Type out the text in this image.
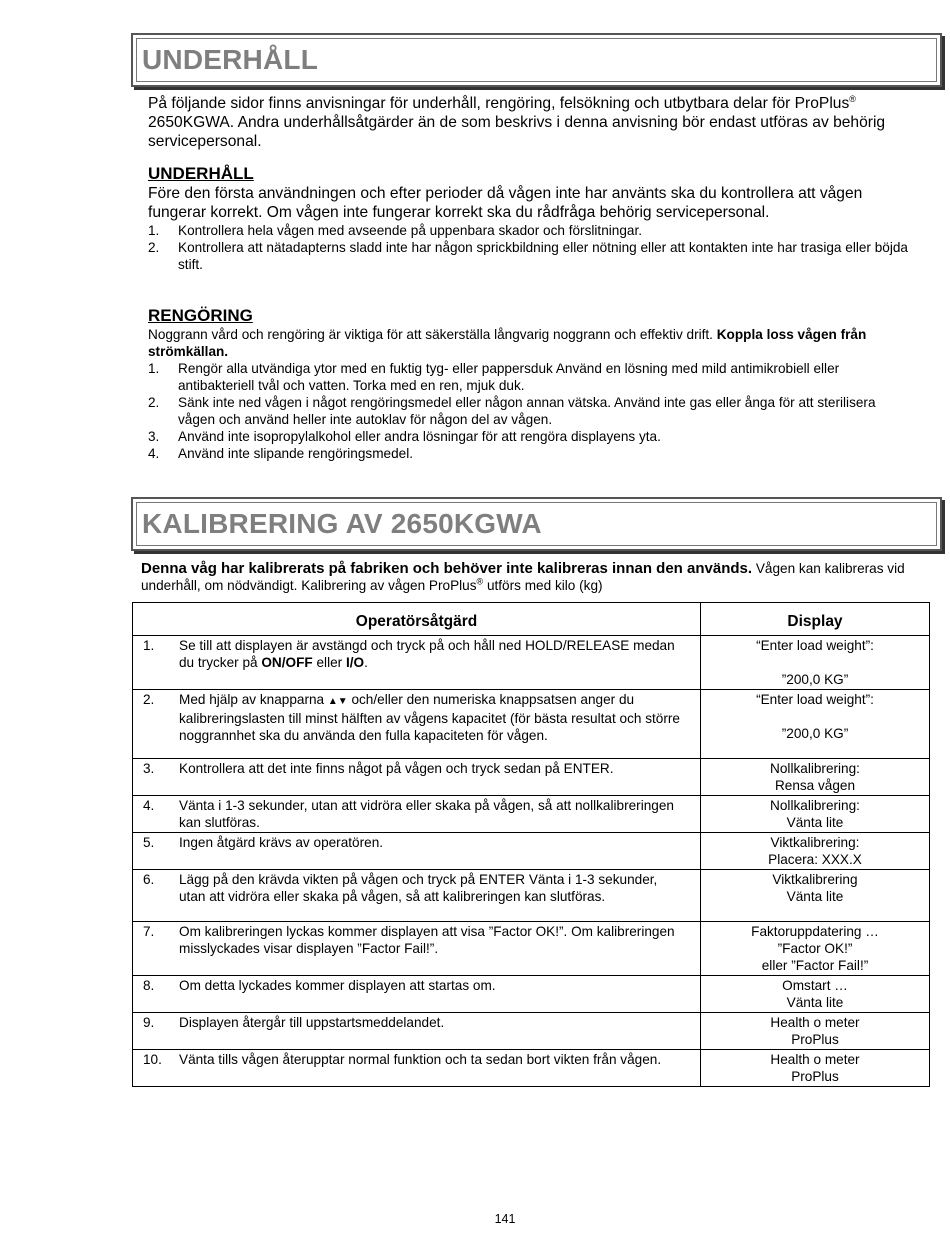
UNDERHÅLL
På följande sidor finns anvisningar för underhåll, rengöring, felsökning och utbytbara delar för ProPlus® 2650KGWA. Andra underhållsåtgärder än de som beskrivs i denna anvisning bör endast utföras av behörig servicepersonal.
UNDERHÅLL
Före den första användningen och efter perioder då vågen inte har använts ska du kontrollera att vågen fungerar korrekt. Om vågen inte fungerar korrekt ska du rådfråga behörig servicepersonal.
1. Kontrollera hela vågen med avseende på uppenbara skador och förslitningar.
2. Kontrollera att nätadapterns sladd inte har någon sprickbildning eller nötning eller att kontakten inte har trasiga eller böjda stift.
RENGÖRING
Noggrann vård och rengöring är viktiga för att säkerställa långvarig noggrann och effektiv drift. Koppla loss vågen från strömkällan.
1. Rengör alla utvändiga ytor med en fuktig tyg- eller pappersduk Använd en lösning med mild antimikrobiell eller antibakteriell tvål och vatten. Torka med en ren, mjuk duk.
2. Sänk inte ned vågen i något rengöringsmedel eller någon annan vätska. Använd inte gas eller ånga för att sterilisera vågen och använd heller inte autoklav för någon del av vågen.
3. Använd inte isopropylalkohol eller andra lösningar för att rengöra displayens yta.
4. Använd inte slipande rengöringsmedel.
KALIBRERING AV 2650KGWA
Denna våg har kalibrerats på fabriken och behöver inte kalibreras innan den används. Vågen kan kalibreras vid underhåll, om nödvändigt. Kalibrering av vågen ProPlus® utförs med kilo (kg)
Operatörsåtgärd	Display
1. Se till att displayen är avstängd och tryck på och håll ned HOLD/RELEASE medan du trycker på ON/OFF eller I/O.	“Enter load weight”:
”200,0 KG”

2. Med hjälp av knapparna ▲▼ och/eller den numeriska knappsatsen anger du kalibreringslasten till minst hälften av vågens kapacitet (för bästa resultat och större noggrannhet ska du använda den fulla kapaciteten för vågen.	“Enter load weight”:
”200,0 KG”

3. Kontrollera att det inte finns något på vågen och tryck sedan på ENTER.	Nollkalibrering:
Rensa vågen

4. Vänta i 1-3 sekunder, utan att vidröra eller skaka på vågen, så att nollkalibreringen kan slutföras.	Nollkalibrering:
Vänta lite

5. Ingen åtgärd krävs av operatören.	Viktkalibrering:
Placera: XXX.X

6. Lägg på den krävda vikten på vågen och tryck på ENTER Vänta i 1-3 sekunder, utan att vidröra eller skaka på vågen, så att kalibreringen kan slutföras.	Viktkalibrering
Vänta lite

7. Om kalibreringen lyckas kommer displayen att visa ”Factor OK!”. Om kalibreringen misslyckades visar displayen ”Factor Fail!”.	Faktoruppdatering …
”Factor OK!”
eller ”Factor Fail!”

8. Om detta lyckades kommer displayen att startas om.	Omstart …
Vänta lite

9. Displayen återgår till uppstartsmeddelandet.	Health o meter
ProPlus

10. Vänta tills vågen återupptar normal funktion och ta sedan bort vikten från vågen.	Health o meter
ProPlus
141
